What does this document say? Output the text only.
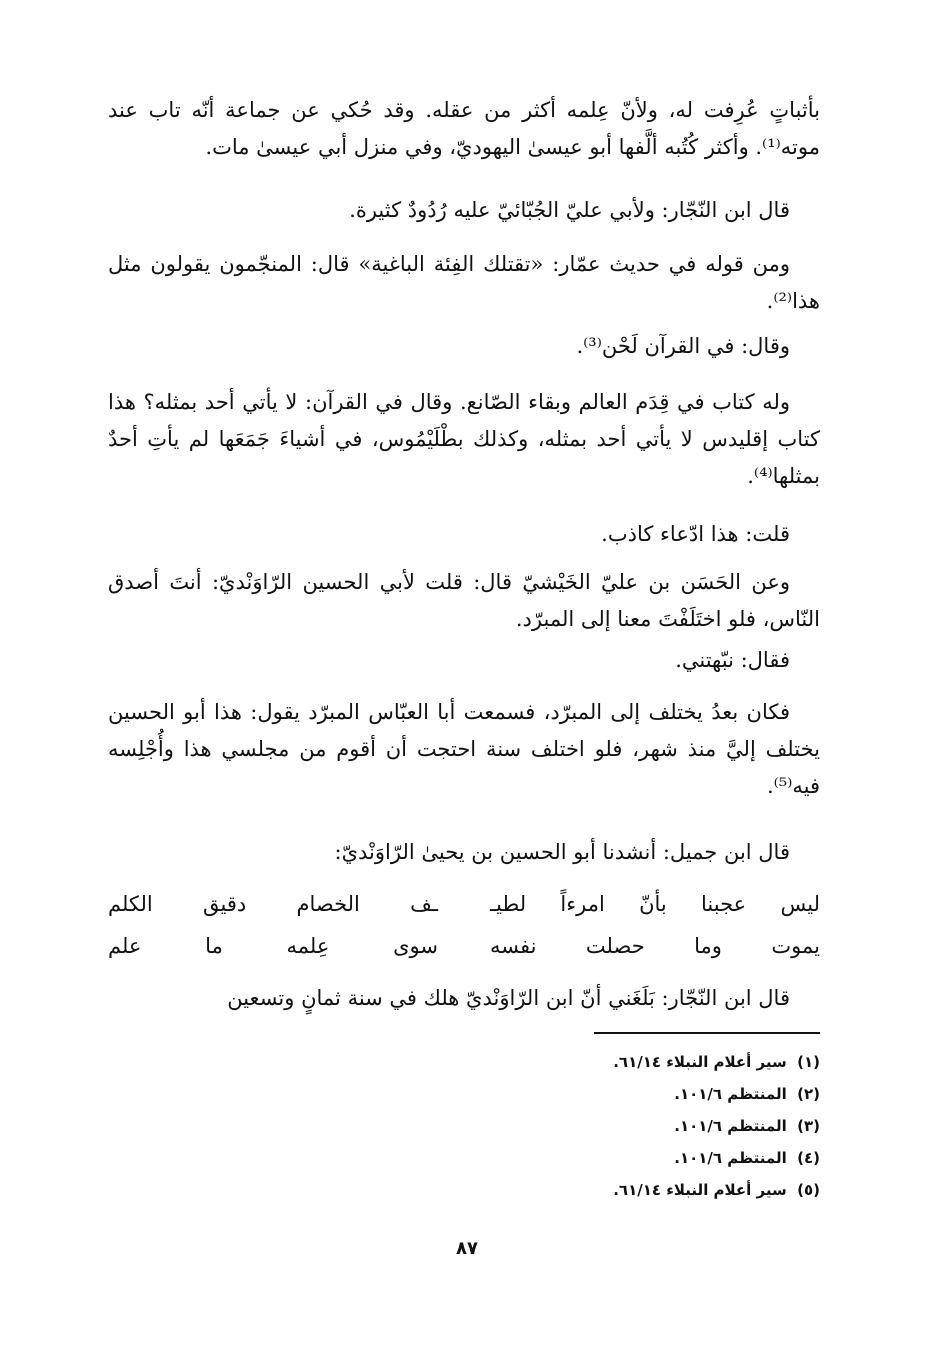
بأثباتٍ عُرِفت له، ولأنّ عِلمه أكثر من عقله. وقد حُكي عن جماعة أنّه تاب عند موته⁽¹⁾. وأكثر كُتُبه ألَّفها أبو عيسىٰ اليهوديّ، وفي منزل أبي عيسىٰ مات.

قال ابن النّجّار: ولأبي عليّ الجُبّائيّ عليه رُدُودٌ كثيرة.

ومن قوله في حديث عمّار: «تقتلك الفِئة الباغية» قال: المنجّمون يقولون مثل هذا⁽²⁾.

وقال: في القرآن لَحْن⁽³⁾.

وله كتاب في قِدَم العالم وبقاء الصّانع. وقال في القرآن: لا يأتي أحد بمثله؟ هذا كتاب إقليدس لا يأتي أحد بمثله، وكذلك بطْلَيْمُوس، في أشياءَ جَمَعَها لم يأتِ أحدٌ بمثلها⁽⁴⁾.

قلت: هذا ادّعاء كاذب.

وعن الحَسَن بن عليّ الخَيْشيّ قال: قلت لأبي الحسين الرّاوَنْديّ: أنتَ أصدق النّاس، فلو اختَلَفْتَ معنا إلى المبرّد.

فقال: نبّهتني.

فكان بعدُ يختلف إلى المبرّد، فسمعت أبا العبّاس المبرّد يقول: هذا أبو الحسين يختلف إليَّ منذ شهر، فلو اختلف سنة احتجت أن أقوم من مجلسي هذا وأُجْلِسه فيه⁽⁵⁾.

قال ابن جميل: أنشدنا أبو الحسين بن يحيىٰ الرّاوَنْديّ:

ليس عجبنا بأنّ امرءاً لطيـ
ـف الخصام دقيق الكلم
يموت وما حصلت نفسه
سوى عِلمه ما علم

قال ابن النّجّار: بَلَغَني أنّ ابن الرّاوَنْديّ هلك في سنة ثمانٍ وتسعين

(١) سير أعلام النبلاء ٦١/١٤.

(٢) المنتظم ١٠١/٦.

(٣) المنتظم ١٠١/٦.

(٤) المنتظم ١٠١/٦.

(٥) سير أعلام النبلاء ٦١/١٤.

٨٧
